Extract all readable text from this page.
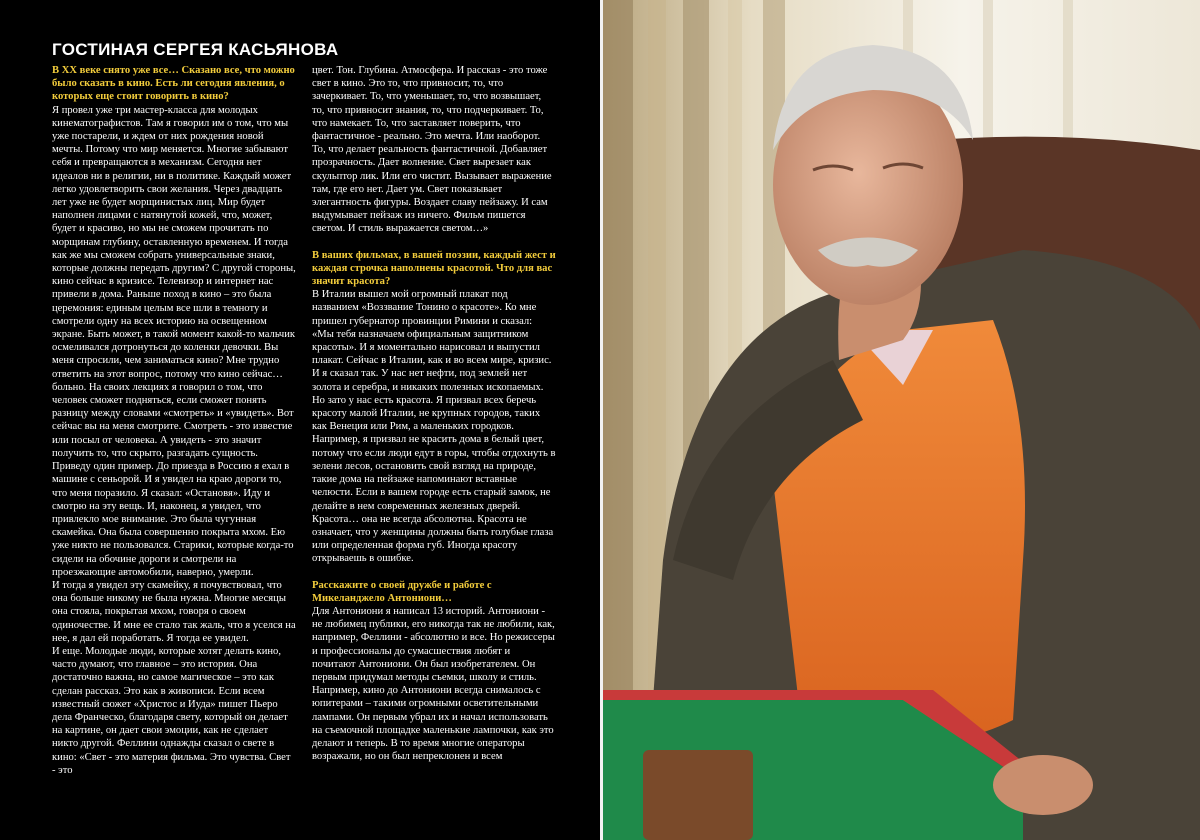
ГОСТИНАЯ СЕРГЕЯ КАСЬЯНОВА

В XX веке снято уже все… Сказано все, что можно было сказать в кино. Есть ли сегодня явления, о которых еще стоит говорить в кино?

Я провел уже три мастер-класса для молодых кинематографистов. Там я говорил им о том, что мы уже постарели, и ждем от них рождения новой мечты. Потому что мир меняется. Многие забывают себя и превращаются в механизм. Сегодня нет идеалов ни в религии, ни в политике. Каждый может легко удовлетворить свои желания. Через двадцать лет уже не будет морщинистых лиц. Мир будет наполнен лицами с натянутой кожей, что, может, будет и красиво, но мы не сможем прочитать по морщинам глубину, оставленную временем. И тогда как же мы сможем собрать универсальные знаки, которые должны передать другим? С другой стороны, кино сейчас в кризисе. Телевизор и интернет нас привели в дома. Раньше поход в кино – это была церемония: единым целым все шли в темноту и смотрели одну на всех историю на освещенном экране. Быть может, в такой момент какой-то мальчик осмеливался дотронуться до коленки девочки. Вы меня спросили, чем заниматься кино? Мне трудно ответить на этот вопрос, потому что кино сейчас…больно. На своих лекциях я говорил о том, что человек сможет подняться, если сможет понять разницу между словами «смотреть» и «увидеть». Вот сейчас вы на меня смотрите. Смотреть - это известие или посыл от человека. А увидеть - это значит получить то, что скрыто, разгадать сущность. Приведу один пример. До приезда в Россию я ехал в машине с сеньорой. И я увидел на краю дороги то, что меня поразило. Я сказал: «Остановя». Иду и смотрю на эту вещь. И, наконец, я увидел, что привлекло мое внимание. Это была чугунная скамейка. Она была совершенно покрыта мхом. Ею уже никто не пользовался. Старики, которые когда-то сидели на обочине дороги и смотрели на проезжающие автомобили, наверно, умерли.

И тогда я увидел эту скамейку, я почувствовал, что она больше никому не была нужна. Многие месяцы она стояла, покрытая мхом, говоря о своем одиночестве. И мне ее стало так жаль, что я уселся на нее, я дал ей поработать. Я тогда ее увидел.

И еще. Молодые люди, которые хотят делать кино, часто думают, что главное – это история. Она достаточно важна, но самое магическое – это как сделан рассказ. Это как в живописи. Если всем известный сюжет «Христос и Иуда» пишет Пьеро дела Франческо, благодаря свету, который он делает на картине, он дает свои эмоции, как не сделает никто другой. Феллини однажды сказал о свете в кино: «Свет - это материя фильма. Это чувства. Свет - это

цвет. Тон. Глубина. Атмосфера. И рассказ - это тоже свет в кино. Это то, что привносит, то, что зачеркивает. То, что уменьшает, то, что возвышает, то, что привносит знания, то, что подчеркивает. То, что намекает. То, что заставляет поверить, что фантастичное - реально. Это мечта. Или наоборот. То, что делает реальность фантастичной. Добавляет прозрачность. Дает волнение. Свет вырезает как скульптор лик. Или его чистит. Вызывает выражение там, где его нет. Дает ум. Свет показывает элегантность фигуры. Воздает славу пейзажу. И сам выдумывает пейзаж из ничего. Фильм пишется светом. И стиль выражается светом…»

В ваших фильмах, в вашей поэзии, каждый жест и каждая строчка наполнены красотой. Что для вас значит красота?

В Италии вышел мой огромный плакат под названием «Воззвание Тонино о красоте». Ко мне пришел губернатор провинции Римини и сказал: «Мы тебя назначаем официальным защитником красоты». И я моментально нарисовал и выпустил плакат. Сейчас в Италии, как и во всем мире, кризис. И я сказал так. У нас нет нефти, под землей нет золота и серебра, и никаких полезных ископаемых. Но зато у нас есть красота. Я призвал всех беречь красоту малой Италии, не крупных городов, таких как Венеция или Рим, а маленьких городков. Например, я призвал не красить дома в белый цвет, потому что если люди едут в горы, чтобы отдохнуть в зелени лесов, остановить свой взгляд на природе, такие дома на пейзаже напоминают вставные челюсти. Если в вашем городе есть старый замок, не делайте в нем современных железных дверей. Красота… она не всегда абсолютна. Красота не означает, что у женщины должны быть голубые глаза или определенная форма губ. Иногда красоту открываешь в ошибке.

Расскажите о своей дружбе и работе с Микеланджело Антониони…

Для Антониони я написал 13 историй. Антониони - не любимец публики, его никогда так не любили, как, например, Феллини - абсолютно и все. Но режиссеры и профессионалы до сумасшествия любят и почитают Антониони. Он был изобретателем. Он первым придумал методы съемки, школу и стиль. Например, кино до Антониони всегда снималось с юпитерами – такими огромными осветительными лампами. Он первым убрал их и начал использовать на съемочной площадке маленькие лампочки, как это делают и теперь. В то время многие операторы возражали, но он был непреклонен и всем
